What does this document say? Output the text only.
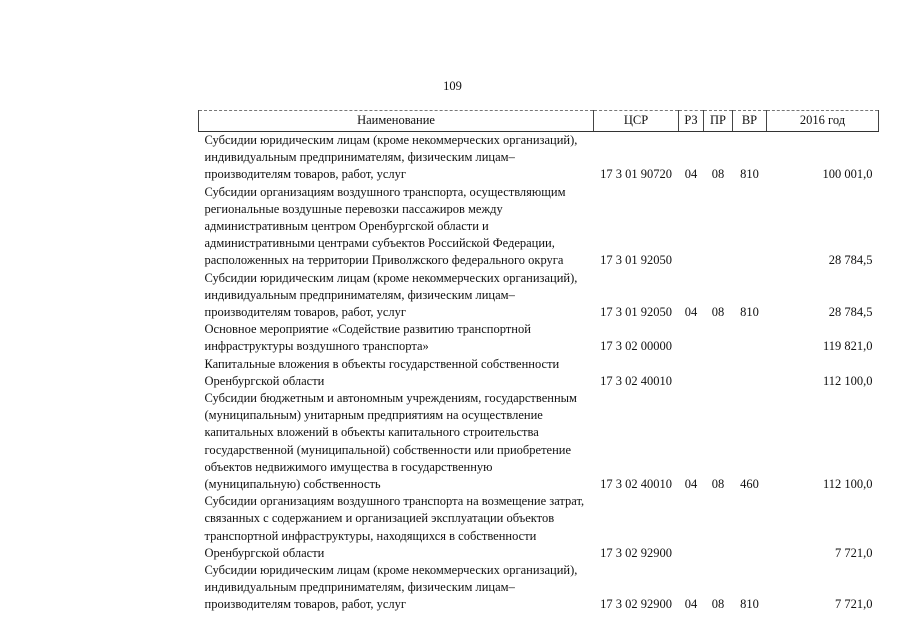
109
Наименование	ЦСР	РЗ	ПР	ВР	2016 год
Субсидии юридическим лицам (кроме некоммерческих организаций), индивидуальным предпринимателям, физическим лицам–производителям товаров, работ, услуг	17 3 01 90720	04	08	810	100 001,0
Субсидии организациям воздушного транспорта, осуществляющим региональные воздушные перевозки пассажиров между административным центром Оренбургской области и административными центрами субъектов Российской Федерации, расположенных на территории Приволжского федерального округа	17 3 01 92050				28 784,5
Субсидии юридическим лицам (кроме некоммерческих организаций), индивидуальным предпринимателям, физическим лицам–производителям товаров, работ, услуг	17 3 01 92050	04	08	810	28 784,5
Основное мероприятие «Содействие развитию транспортной инфраструктуры воздушного транспорта»	17 3 02 00000				119 821,0
Капитальные вложения в объекты государственной собственности Оренбургской области	17 3 02 40010				112 100,0
Субсидии бюджетным и автономным учреждениям, государственным (муниципальным) унитарным предприятиям на осуществление капитальных вложений в объекты капитального строительства государственной (муниципальной) собственности или приобретение объектов недвижимого имущества в государственную (муниципальную) собственность	17 3 02 40010	04	08	460	112 100,0
Субсидии организациям воздушного транспорта на возмещение затрат, связанных с содержанием и организацией эксплуатации объектов транспортной инфраструктуры, находящихся в собственности Оренбургской области	17 3 02 92900				7 721,0
Субсидии юридическим лицам (кроме некоммерческих организаций), индивидуальным предпринимателям, физическим лицам–производителям товаров, работ, услуг	17 3 02 92900	04	08	810	7 721,0
